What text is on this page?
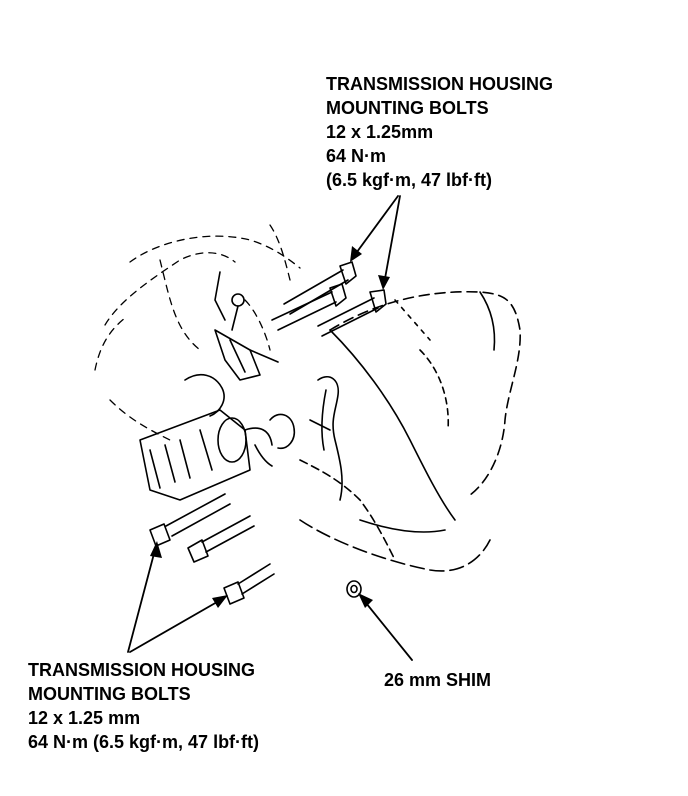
TRANSMISSION HOUSING
MOUNTING BOLTS
12 x 1.25mm
64 N·m
(6.5 kgf·m, 47 lbf·ft)
TRANSMISSION HOUSING
MOUNTING BOLTS
12 x 1.25 mm
64 N·m (6.5 kgf·m, 47 lbf·ft)
26 mm SHIM
